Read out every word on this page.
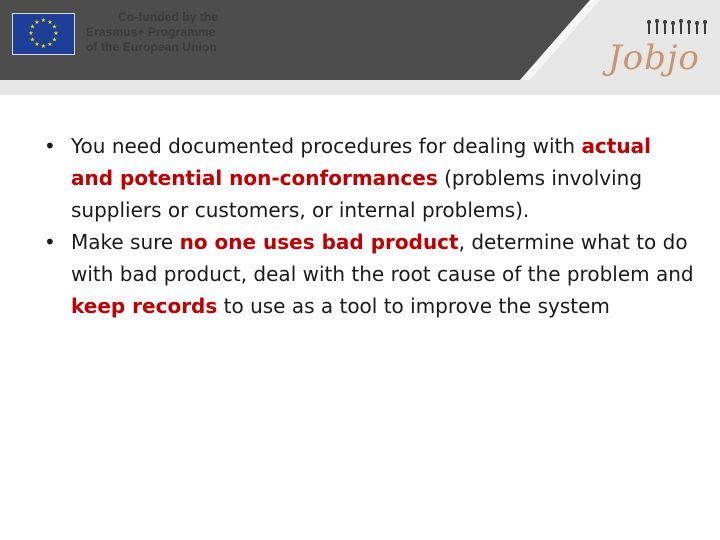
★ ★
★
★
★
★
★
★
★
★
★
★	Co-funded by the
Erasmus+ Programme
of the European Union	Jobjo

• You need documented procedures for dealing with actual and potential non-conformances (problems involving suppliers or customers, or internal problems).

• Make sure no one uses bad product, determine what to do with bad product, deal with the root cause of the problem and keep records to use as a tool to improve the system
